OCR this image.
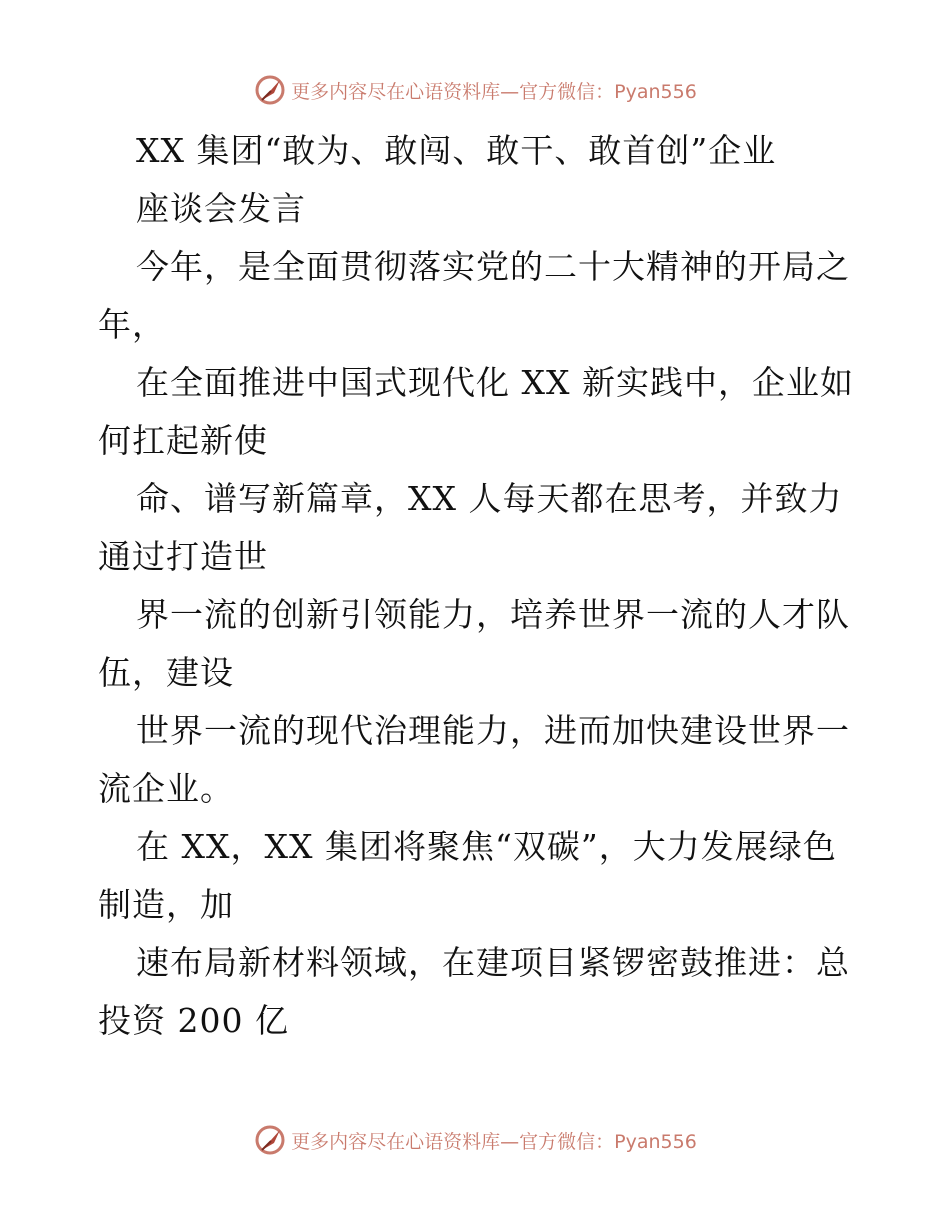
更多内容尽在心语资料库—官方微信：Pyan556

XX 集团“敢为、敢闯、敢干、敢首创”企业

座谈会发言

今年，是全面贯彻落实党的二十大精神的开局之

年，

在全面推进中国式现代化 XX 新实践中，企业如

何扛起新使

命、谱写新篇章，XX 人每天都在思考，并致力

通过打造世

界一流的创新引领能力，培养世界一流的人才队

伍，建设

世界一流的现代治理能力，进而加快建设世界一

流企业。

在 XX，XX 集团将聚焦“双碳”，大力发展绿色

制造，加

速布局新材料领域，在建项目紧锣密鼓推进：总

投资 200 亿

更多内容尽在心语资料库—官方微信：Pyan556
